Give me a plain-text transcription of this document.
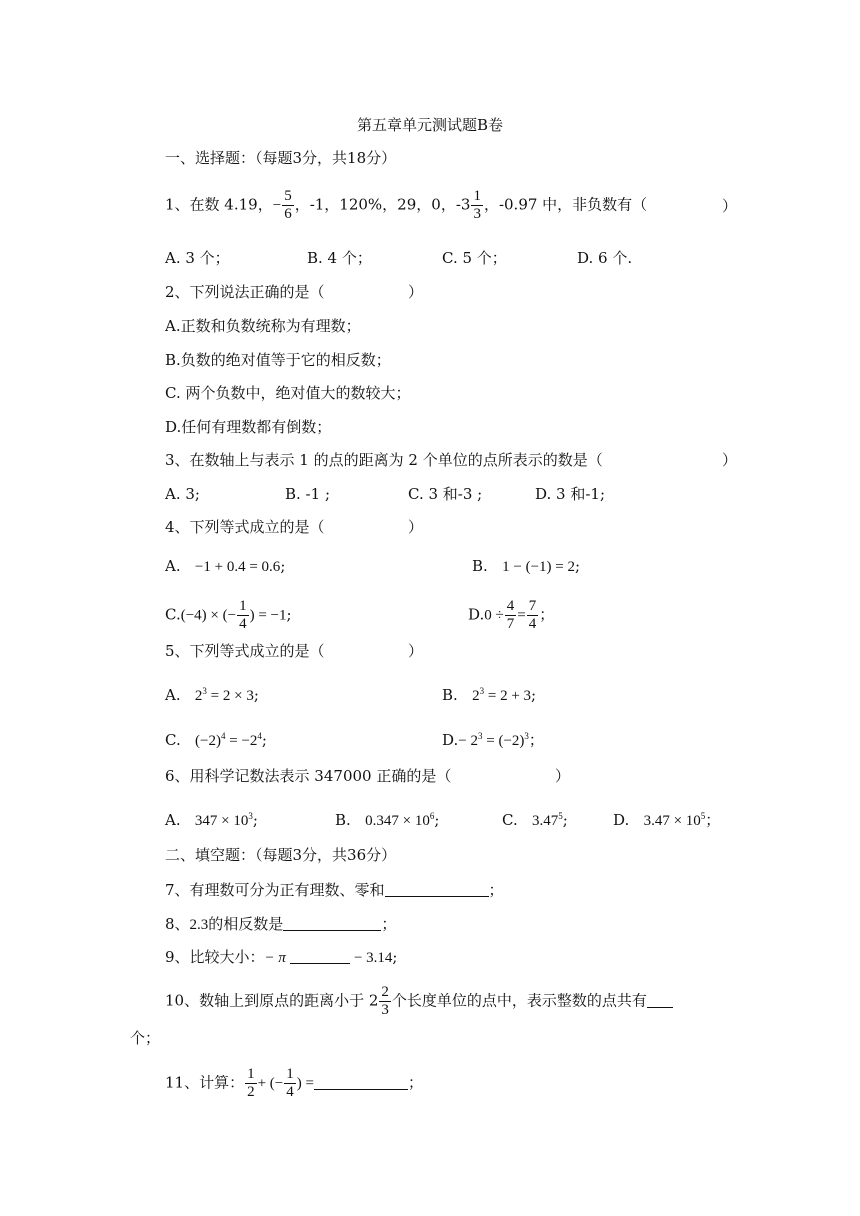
第五章单元测试题B卷
一、选择题：（每题3分，共18分）
1、在数 4.19，− $\frac{5}{6}$ ，-1，120%，29，0，$-3 \frac{1}{3}$ ，-0.97 中，非负数有（	）
A. 3 个；	B. 4 个；	C. 5 个；	D. 6 个.
2、下列说法正确的是（	）
A.正数和负数统称为有理数；
B.负数的绝对值等于它的相反数；
C. 两个负数中，绝对值大的数较大；
D.任何有理数都有倒数；
3、在数轴上与表示 1 的点的距离为 2 个单位的点所表示的数是（	）
A. 3;	B. -1 ;	C. 3 和-3 ;	D. 3 和-1;
4、下列等式成立的是（	）
A. −1 + 0.4 = 0.6;	B. 1 − (−1) = 2;
C.(−4) × (− $\frac{1}{4}$ ) = −1;	$D.0 \div \frac{4}{7} = \frac{7}{4}$ ；
5、下列等式成立的是（	）
A. $2^3 = 2 \times 3$;	B. $2^3 = 2 + 3$;
C. $(-2)^4 = -2^4$;	$D.- 2^3 = (-2)^3$；
6、用科学记数法表示 347000 正确的是（	）
A. $347 \times 10^3$;	B. $0.347 \times 10^6$;	C. 3.47$^5$;	D. $3.47 \times 10^5$；
二、填空题：（每题3分，共36分）
7、有理数可分为正有理数、零和	；
8、2.3的相反数是	；
9、比较大小：− π	− 3.14;
10、数轴上到原点的距离小于 $2 \frac{2}{3}$ 个长度单位的点中，表示整数的点共有
个；
11、计算： $\frac{1}{2}$ + (− $\frac{1}{4}$ ) =	；
